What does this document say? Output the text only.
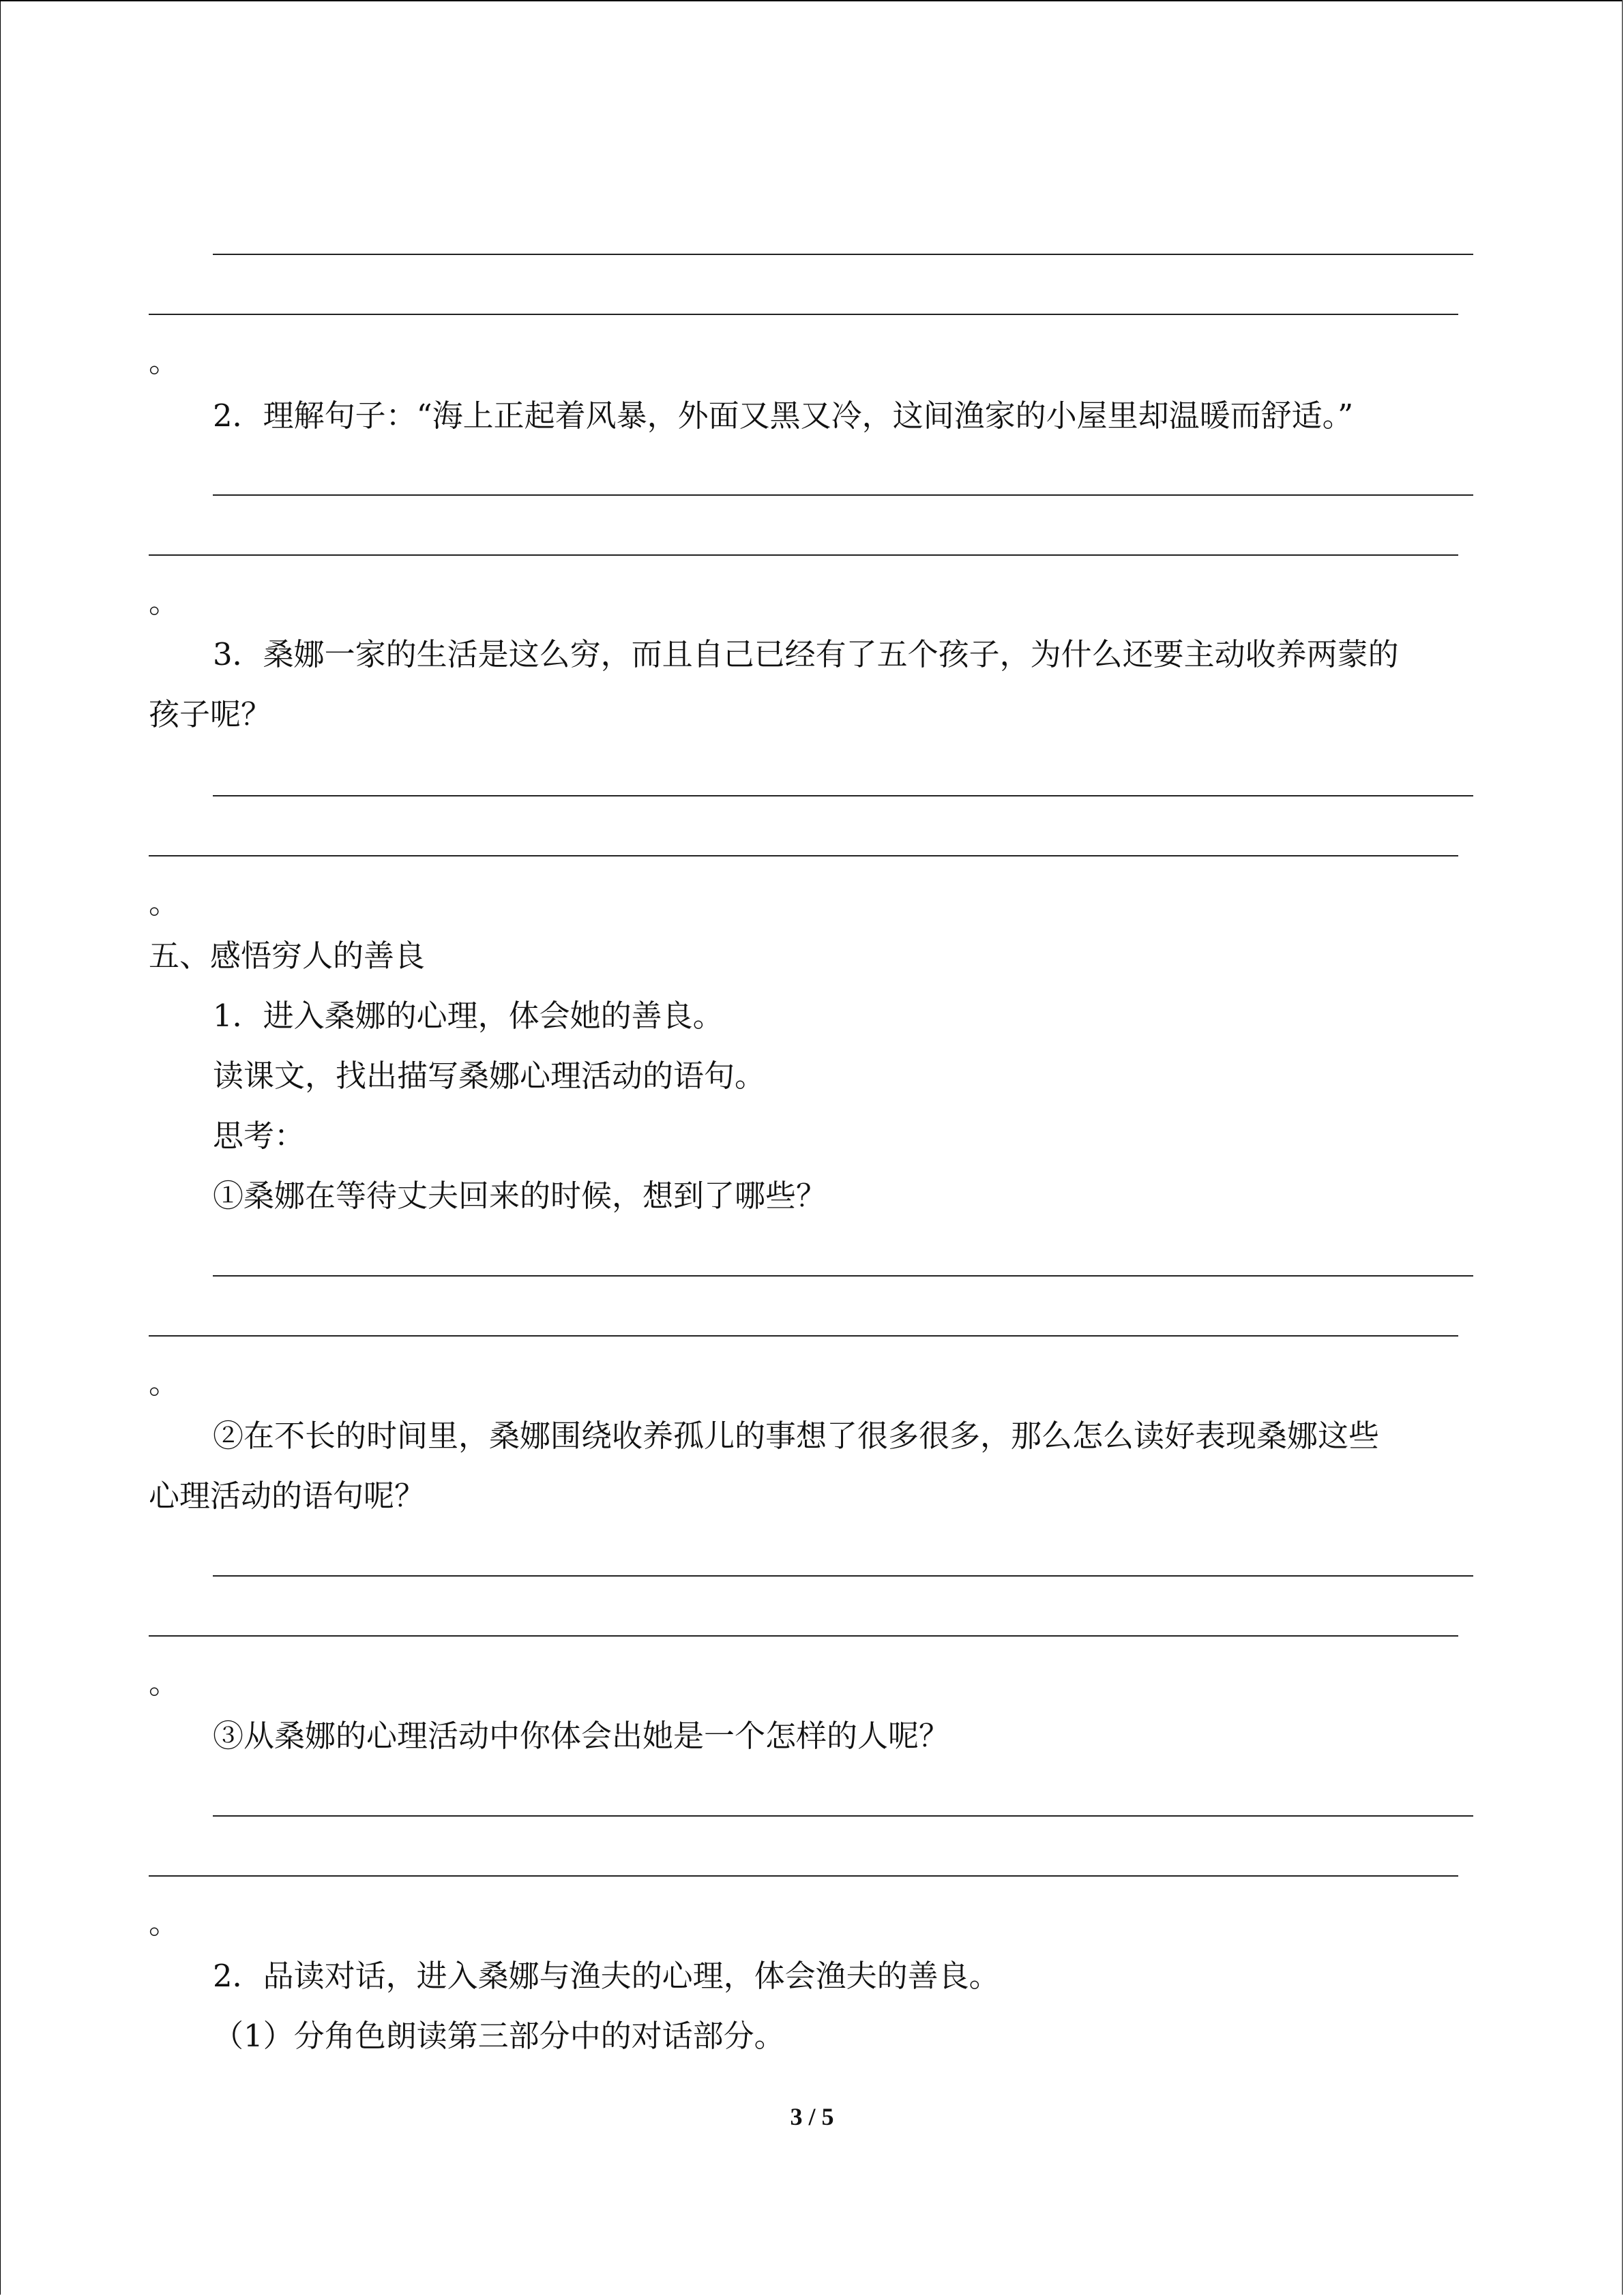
。
2．理解句子：“海上正起着风暴，外面又黑又冷，这间渔家的小屋里却温暖而舒适。”
。
3．桑娜一家的生活是这么穷，而且自己已经有了五个孩子，为什么还要主动收养两蒙的
孩子呢？
。
五、感悟穷人的善良
1．进入桑娜的心理，体会她的善良。
读课文，找出描写桑娜心理活动的语句。
思考：
①桑娜在等待丈夫回来的时候，想到了哪些？
。
②在不长的时间里，桑娜围绕收养孤儿的事想了很多很多，那么怎么读好表现桑娜这些
心理活动的语句呢？
。
③从桑娜的心理活动中你体会出她是一个怎样的人呢？
。
2．品读对话，进入桑娜与渔夫的心理，体会渔夫的善良。
（1）分角色朗读第三部分中的对话部分。
3 / 5
